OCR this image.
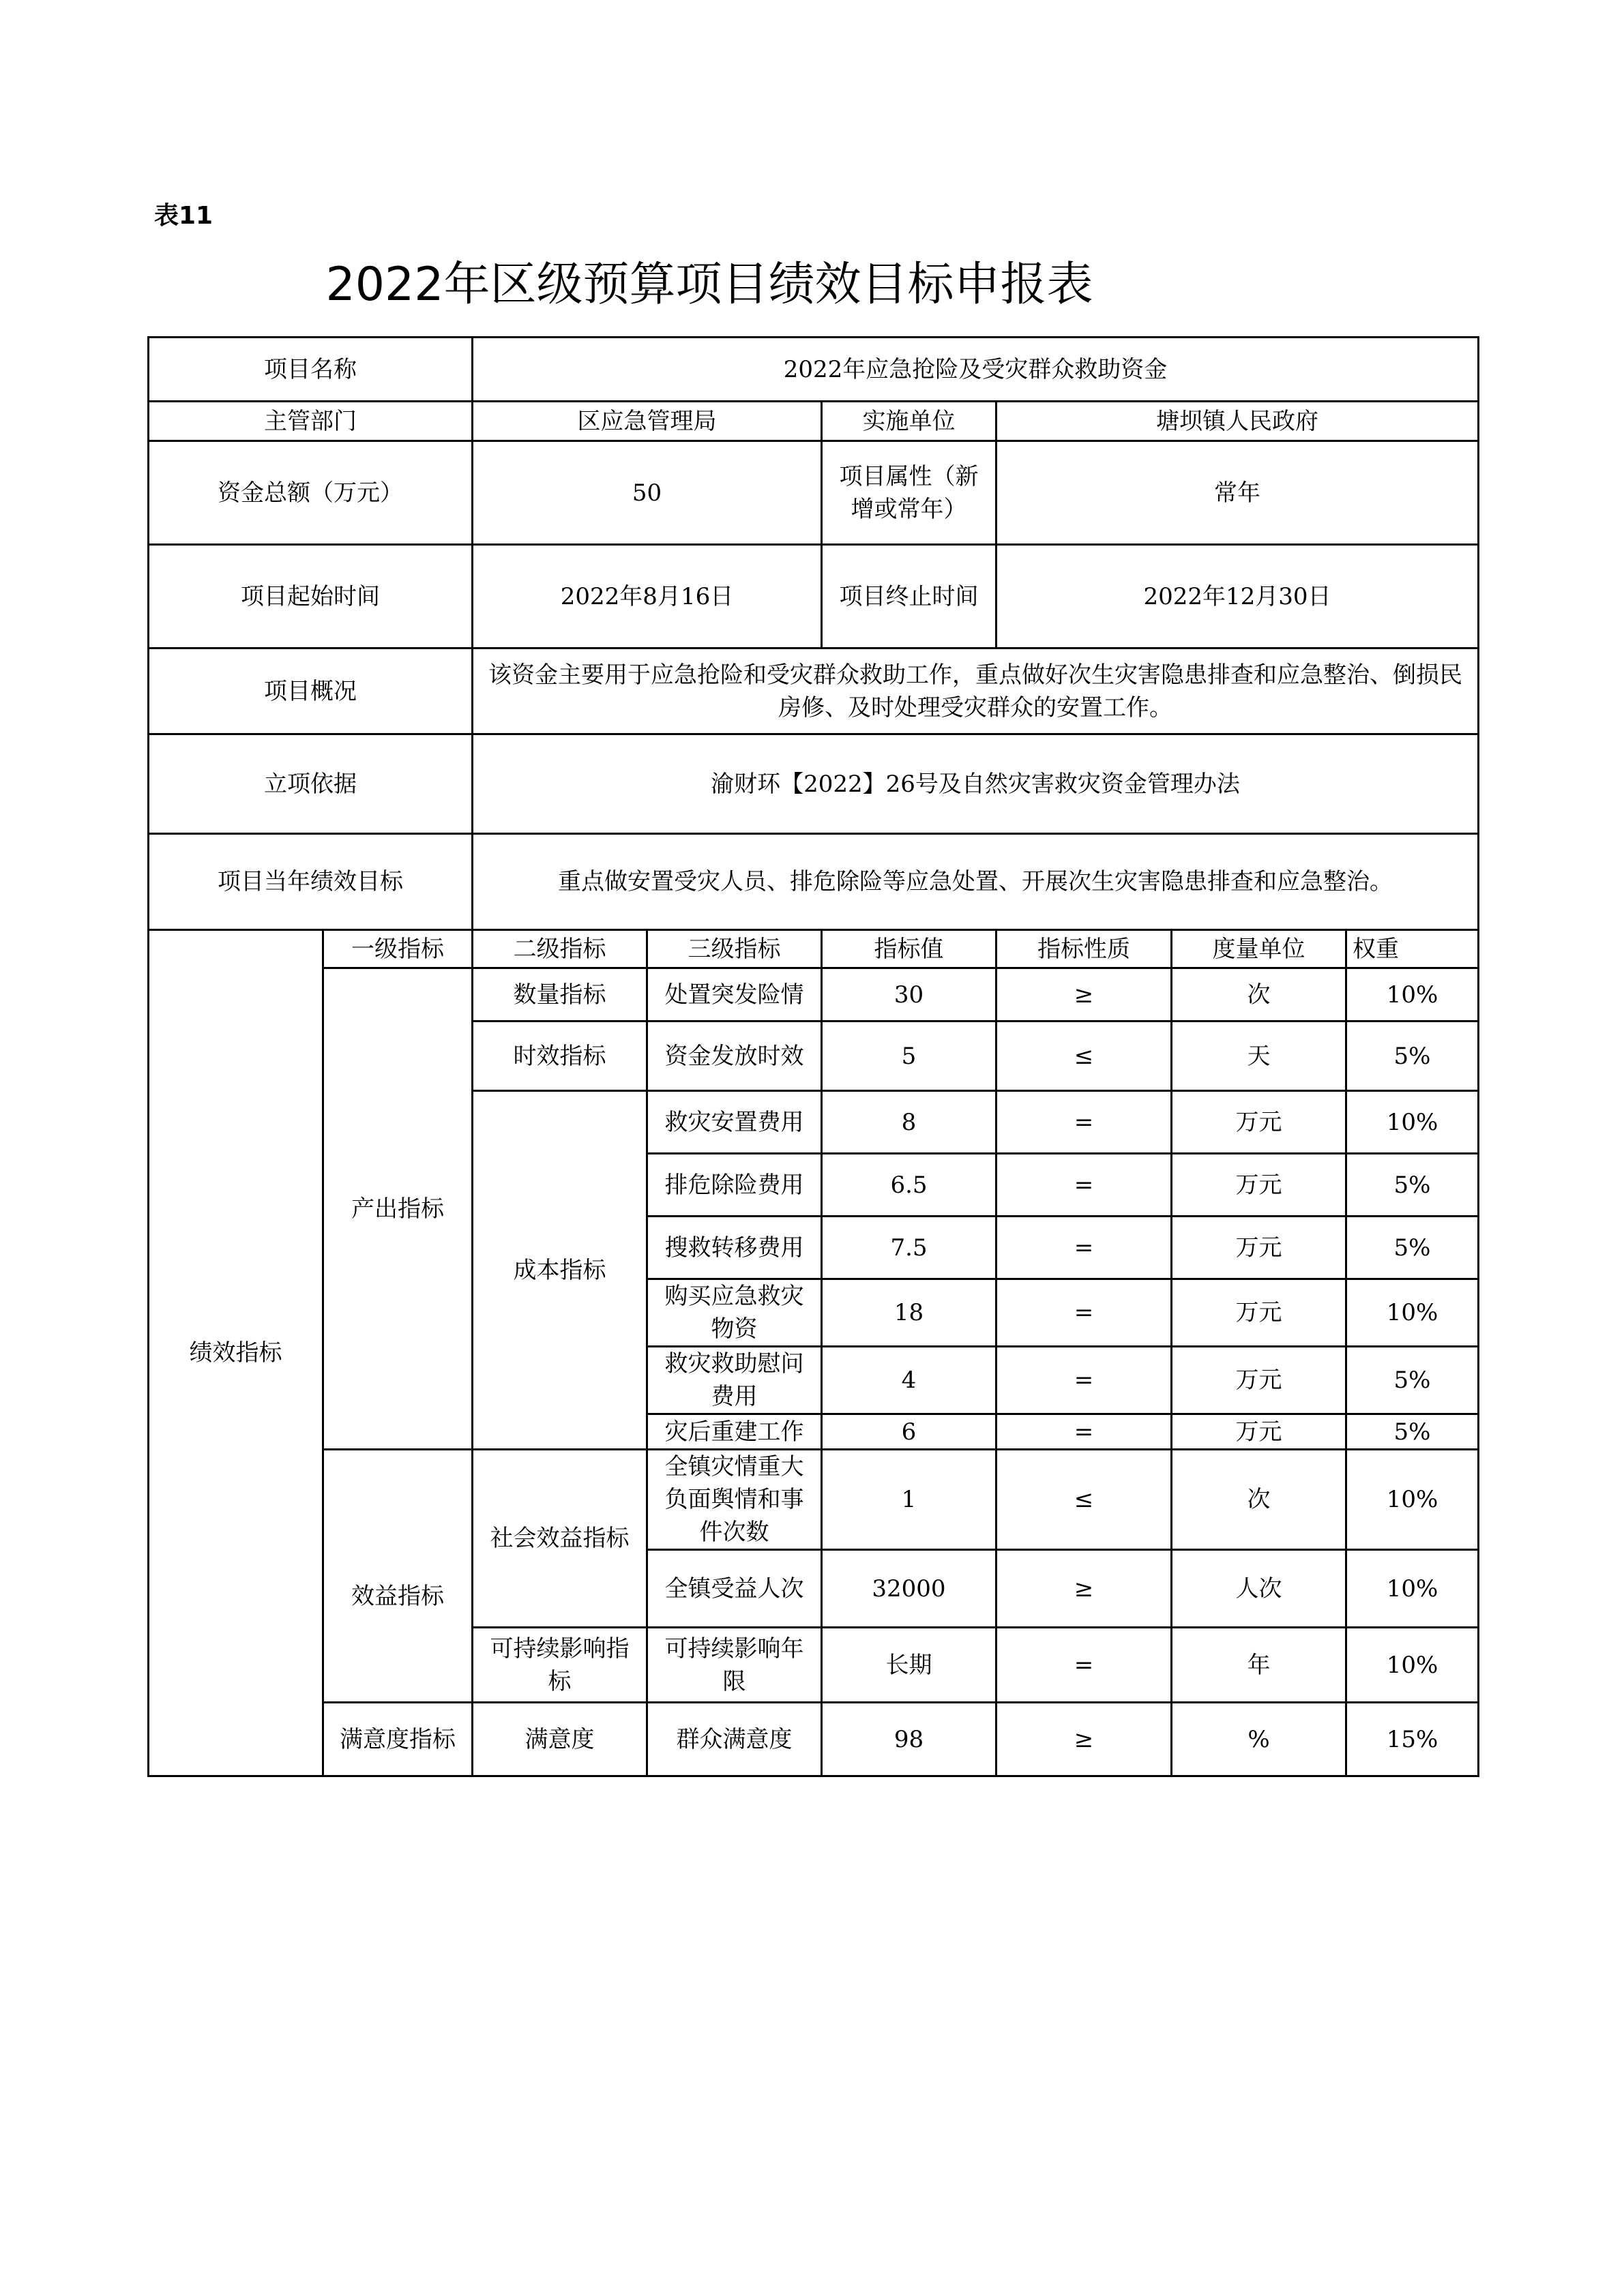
表11
2022年区级预算项目绩效目标申报表
项目名称		2022年应急抢险及受灾群众救助资金					
主管部门		区应急管理局		实施单位	塘坝镇人民政府		
资金总额（万元）		50		项目属性（新增或常年）	常年		
项目起始时间		2022年8月16日		项目终止时间	2022年12月30日		
项目概况		该资金主要用于应急抢险和受灾群众救助工作，重点做好次生灾害隐患排查和应急整治、倒损民房修、及时处理受灾群众的安置工作。					
立项依据		渝财环【2022】26号及自然灾害救灾资金管理办法					
项目当年绩效目标		重点做安置受灾人员、排危除险等应急处置、开展次生灾害隐患排查和应急整治。					
绩效指标	一级指标	二级指标	三级指标	指标值	指标性质	度量单位	权重
	产出指标	数量指标	处置突发险情	30	≥	次	10%
		时效指标	资金发放时效	5	≤	天	5%
		成本指标	救灾安置费用	8	=	万元	10%
			排危除险费用	6.5	=	万元	5%
			搜救转移费用	7.5	=	万元	5%
			购买应急救灾物资	18	=	万元	10%
			救灾救助慰问费用	4	=	万元	5%
			灾后重建工作	6	=	万元	5%
	效益指标	社会效益指标	全镇灾情重大负面舆情和事件次数	1	≤	次	10%
			全镇受益人次	32000	≥	人次	10%
		可持续影响指标	可持续影响年限	长期	=	年	10%
	满意度指标	满意度	群众满意度	98	≥	%	15%
